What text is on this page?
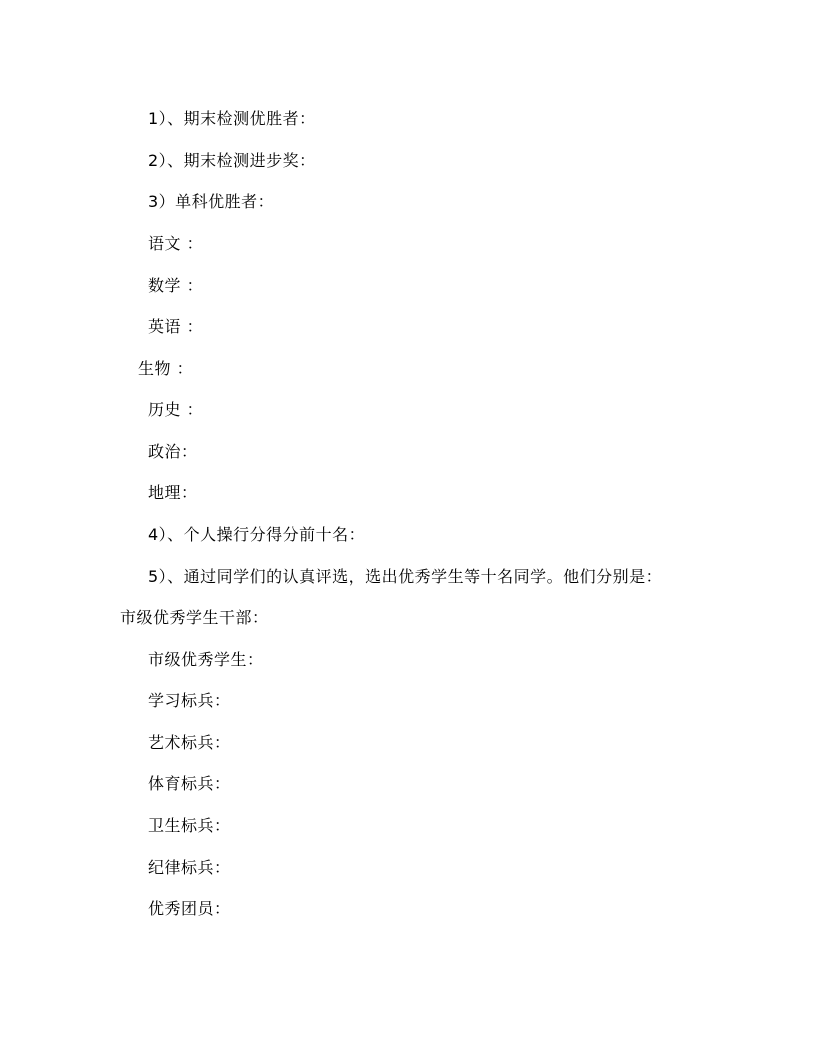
1）、期末检测优胜者：
2）、期末检测进步奖：
3）单科优胜者：
语文 ：
数学 ：
英语 ：
生物 ：
历史 ：
政治：
地理：
4）、个人操行分得分前十名：
5）、通过同学们的认真评选，选出优秀学生等十名同学。他们分别是：
市级优秀学生干部：
市级优秀学生：
学习标兵：
艺术标兵：
体育标兵：
卫生标兵：
纪律标兵：
优秀团员：
